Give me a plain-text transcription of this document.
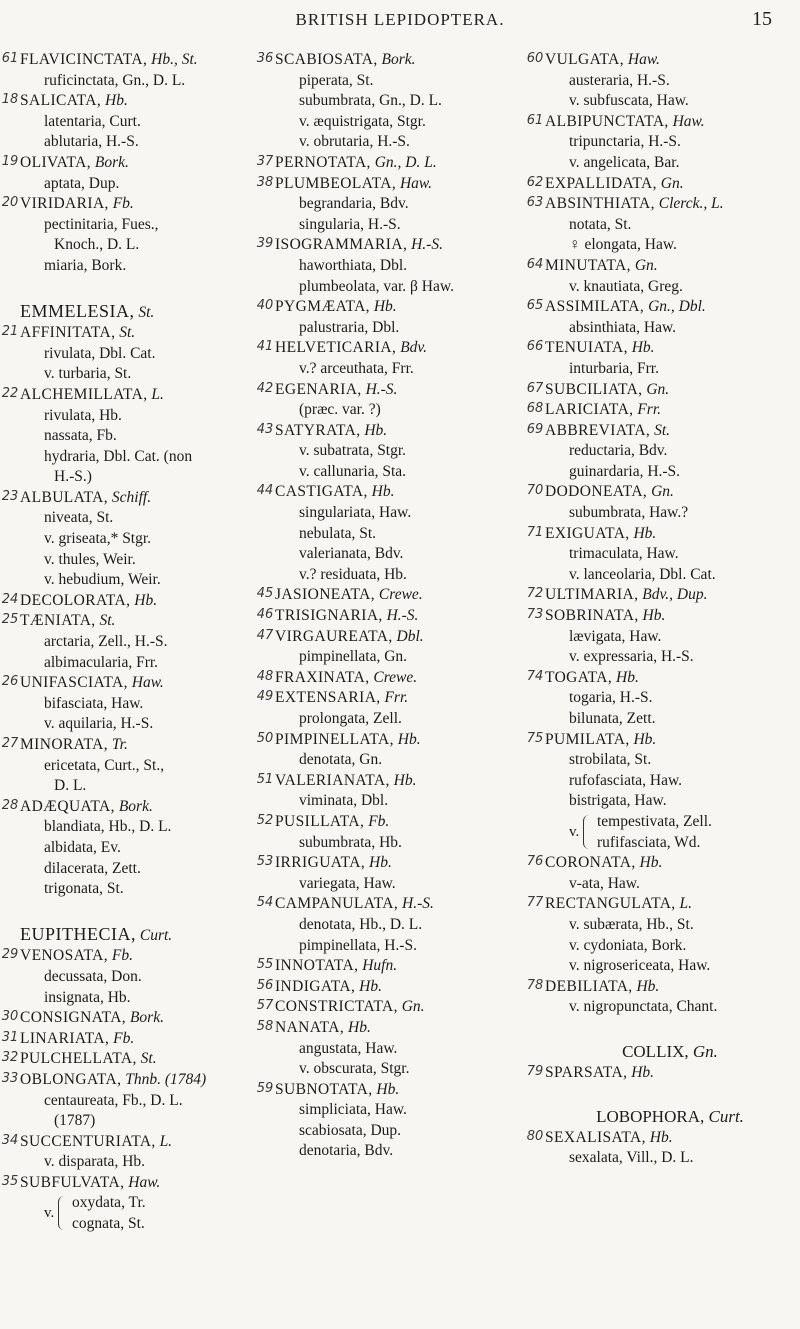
BRITISH LEPIDOPTERA.	15
61 FLAVICINCTATA, Hb., St.
ruficinctata, Gn., D. L.
18 SALICATA, Hb.
latentaria, Curt.
ablutaria, H.-S.
19 OLIVATA, Bork.
aptata, Dup.
20 VIRIDARIA, Fb.
pectinitaria, Fues.,
Knoch., D. L.
miaria, Bork.
EMMELESIA, St.
21 AFFINITATA, St.
rivulata, Dbl. Cat.
v. turbaria, St.
22 ALCHEMILLATA, L.
rivulata, Hb.
nassata, Fb.
hydraria, Dbl. Cat. (non
H.-S.)
23 ALBULATA, Schiff.
niveata, St.
v. griseata,* Stgr.
v. thules, Weir.
v. hebudium, Weir.
24 DECOLORATA, Hb.
25 TÆNIATA, St.
arctaria, Zell., H.-S.
albimacularia, Frr.
26 UNIFASCIATA, Haw.
bifasciata, Haw.
v. aquilaria, H.-S.
27 MINORATA, Tr.
ericetata, Curt., St.,
D. L.
28 ADÆQUATA, Bork.
blandiata, Hb., D. L.
albidata, Ev.
dilacerata, Zett.
trigonata, St.
EUPITHECIA, Curt.
29 VENOSATA, Fb.
decussata, Don.
insignata, Hb.
30 CONSIGNATA, Bork.
31 LINARIATA, Fb.
32 PULCHELLATA, St.
33 OBLONGATA, Thnb. (1784)
centaureata, Fb., D. L.
(1787)
34 SUCCENTURIATA, L.
v. disparata, Hb.
35 SUBFULVATA, Haw.
v.
oxydata, Tr.
cognata, St.
36 SCABIOSATA, Bork.
piperata, St.
subumbrata, Gn., D. L.
v. æquistrigata, Stgr.
v. obrutaria, H.-S.
37 PERNOTATA, Gn., D. L.
38 PLUMBEOLATA, Haw.
begrandaria, Bdv.
singularia, H.-S.
39 ISOGRAMMARIA, H.-S.
haworthiata, Dbl.
plumbeolata, var. β Haw.
40 PYGMÆATA, Hb.
palustraria, Dbl.
41 HELVETICARIA, Bdv.
v.? arceuthata, Frr.
42 EGENARIA, H.-S.
(præc. var. ?)
43 SATYRATA, Hb.
v. subatrata, Stgr.
v. callunaria, Sta.
44 CASTIGATA, Hb.
singulariata, Haw.
nebulata, St.
valerianata, Bdv.
v.? residuata, Hb.
45 JASIONEATA, Crewe.
46 TRISIGNARIA, H.-S.
47 VIRGAUREATA, Dbl.
pimpinellata, Gn.
48 FRAXINATA, Crewe.
49 EXTENSARIA, Frr.
prolongata, Zell.
50 PIMPINELLATA, Hb.
denotata, Gn.
51 VALERIANATA, Hb.
viminata, Dbl.
52 PUSILLATA, Fb.
subumbrata, Hb.
53 IRRIGUATA, Hb.
variegata, Haw.
54 CAMPANULATA, H.-S.
denotata, Hb., D. L.
pimpinellata, H.-S.
55 INNOTATA, Hufn.
56 INDIGATA, Hb.
57 CONSTRICTATA, Gn.
58 NANATA, Hb.
angustata, Haw.
v. obscurata, Stgr.
59 SUBNOTATA, Hb.
simpliciata, Haw.
scabiosata, Dup.
denotaria, Bdv.
60 VULGATA, Haw.
austeraria, H.-S.
v. subfuscata, Haw.
61 ALBIPUNCTATA, Haw.
tripunctaria, H.-S.
v. angelicata, Bar.
62 EXPALLIDATA, Gn.
63 ABSINTHIATA, Clerck., L.
notata, St.
♀ elongata, Haw.
64 MINUTATA, Gn.
v. knautiata, Greg.
65 ASSIMILATA, Gn., Dbl.
absinthiata, Haw.
66 TENUIATA, Hb.
inturbaria, Frr.
67 SUBCILIATA, Gn.
68 LARICIATA, Frr.
69 ABBREVIATA, St.
reductaria, Bdv.
guinardaria, H.-S.
70 DODONEATA, Gn.
subumbrata, Haw.?
71 EXIGUATA, Hb.
trimaculata, Haw.
v. lanceolaria, Dbl. Cat.
72 ULTIMARIA, Bdv., Dup.
73 SOBRINATA, Hb.
lævigata, Haw.
v. expressaria, H.-S.
74 TOGATA, Hb.
togaria, H.-S.
bilunata, Zett.
75 PUMILATA, Hb.
strobilata, St.
rufofasciata, Haw.
bistrigata, Haw.
v.
tempestivata, Zell.
rufifasciata, Wd.
76 CORONATA, Hb.
v-ata, Haw.
77 RECTANGULATA, L.
v. subærata, Hb., St.
v. cydoniata, Bork.
v. nigrosericeata, Haw.
78 DEBILIATA, Hb.
v. nigropunctata, Chant.
COLLIX, Gn.
79 SPARSATA, Hb.
LOBOPHORA, Curt.
80 SEXALISATA, Hb.
sexalata, Vill., D. L.
